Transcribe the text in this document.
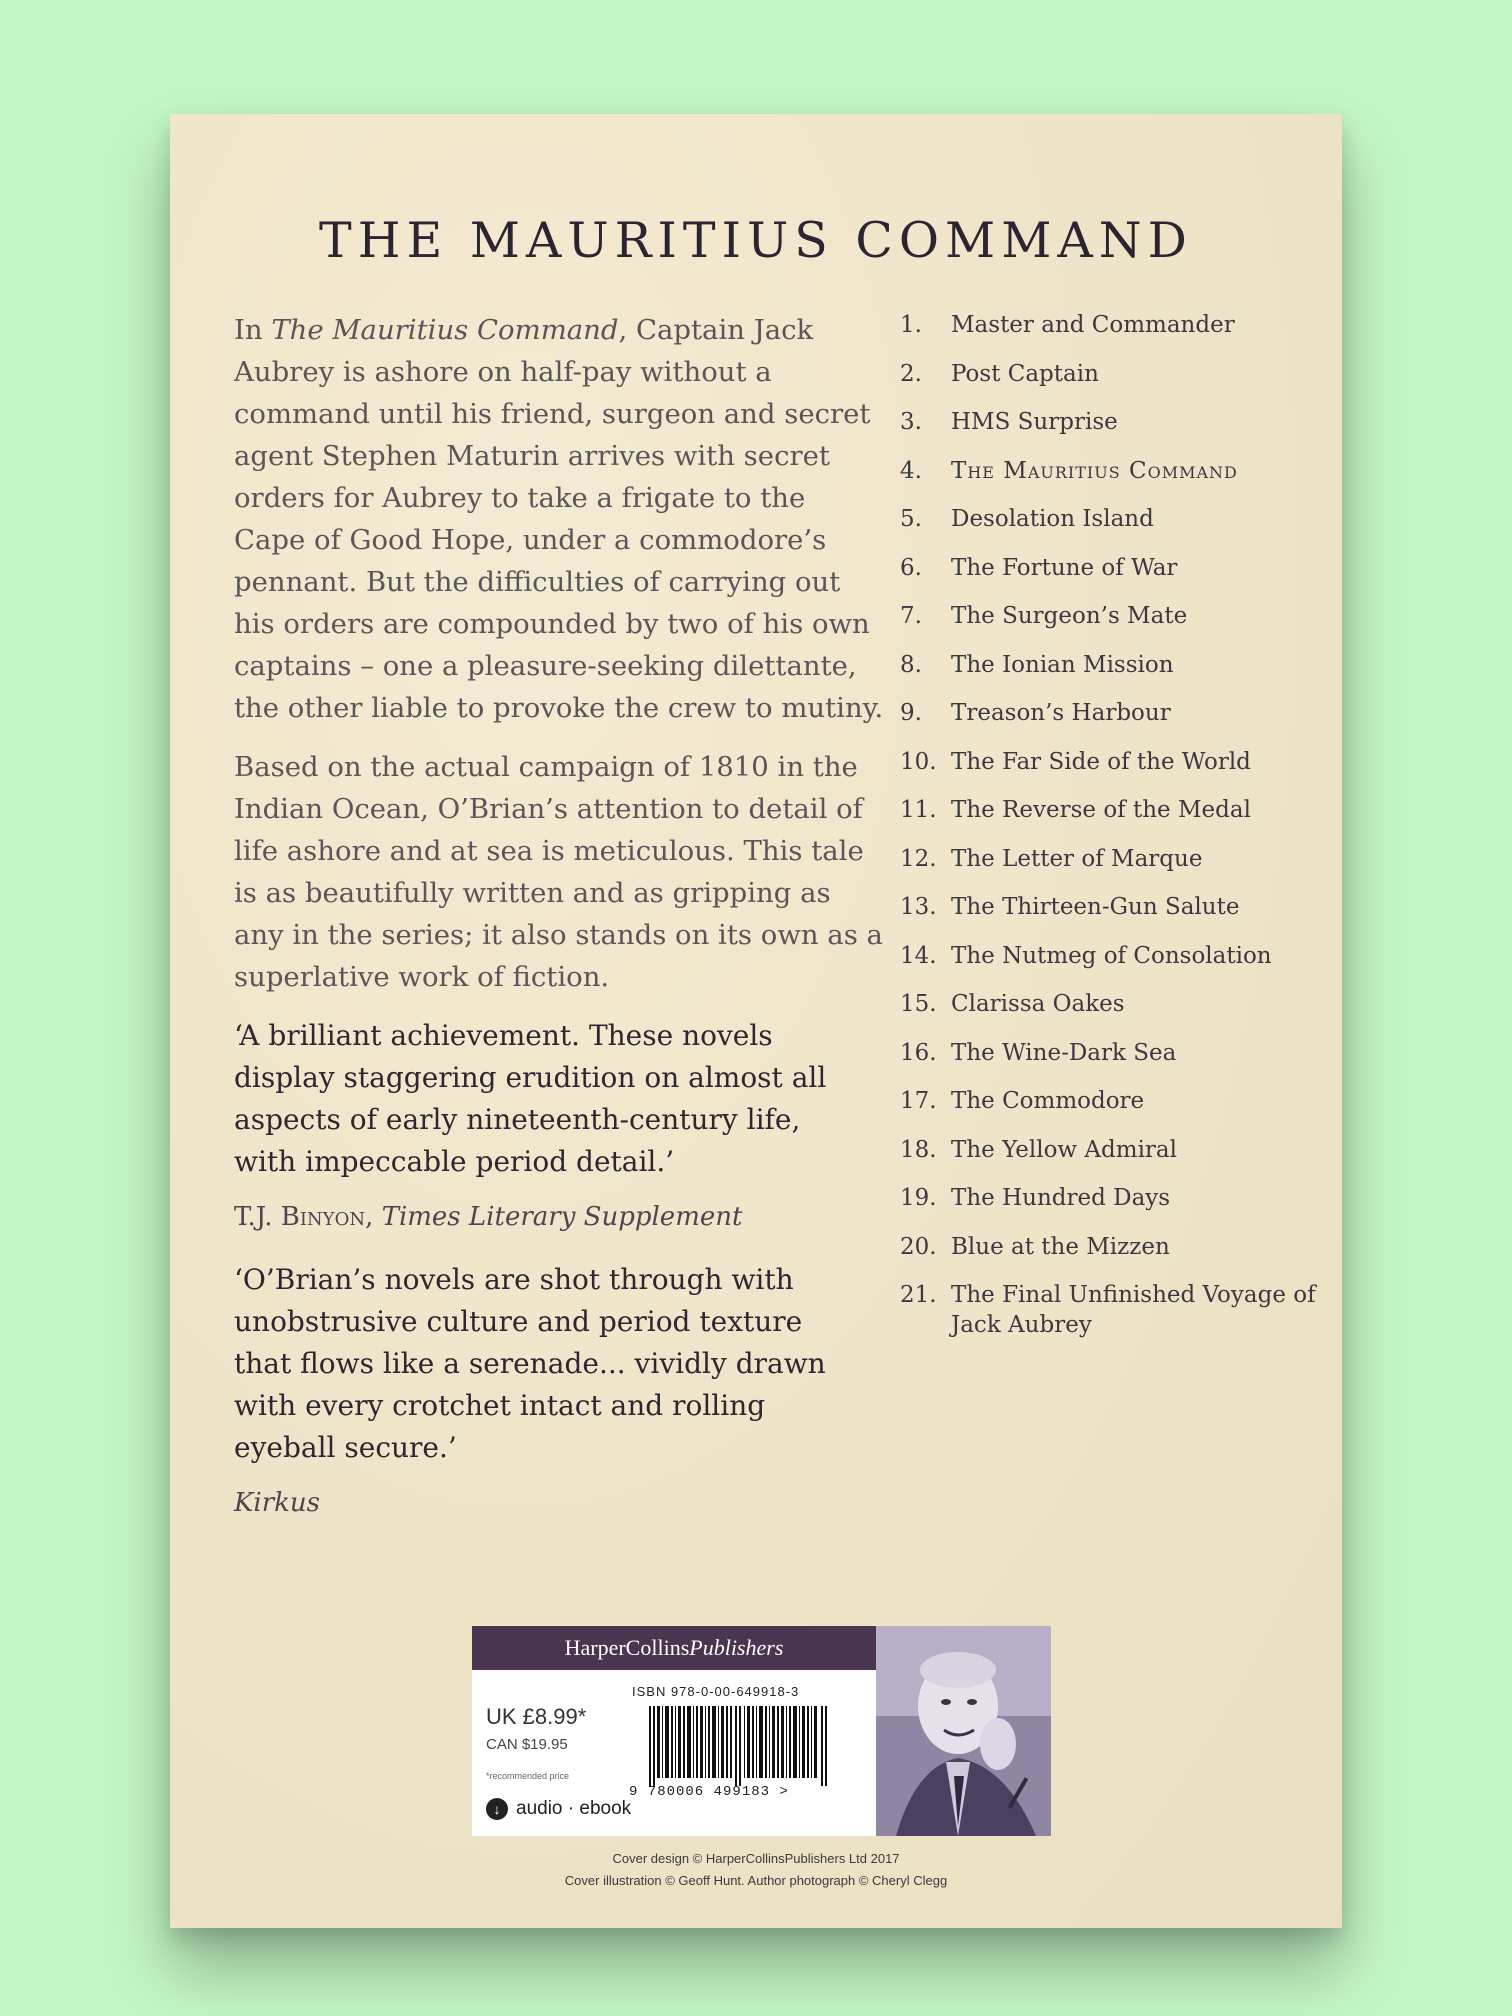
THE MAURITIUS COMMAND

In The Mauritius Command, Captain Jack Aubrey is ashore on half-pay without a command until his friend, surgeon and secret agent Stephen Maturin arrives with secret orders for Aubrey to take a frigate to the Cape of Good Hope, under a commodore’s pennant. But the difficulties of carrying out his orders are compounded by two of his own captains – one a pleasure-seeking dilettante, the other liable to provoke the crew to mutiny.

Based on the actual campaign of 1810 in the Indian Ocean, O’Brian’s attention to detail of life ashore and at sea is meticulous. This tale is as beautifully written and as gripping as any in the series; it also stands on its own as a superlative work of fiction.

‘A brilliant achievement. These novels display staggering erudition on almost all aspects of early nineteenth-century life, with impeccable period detail.’
T.J. Binyon, Times Literary Supplement
‘O’Brian’s novels are shot through with unobstrusive culture and period texture that flows like a serenade... vividly drawn with every crotchet intact and rolling eyeball secure.’
Kirkus
1.	Master and Commander
2.	Post Captain
3.	HMS Surprise
4.	The Mauritius Command
5.	Desolation Island
6.	The Fortune of War
7.	The Surgeon’s Mate
8.	The Ionian Mission
9.	Treason’s Harbour
10. The Far Side of the World
11. The Reverse of the Medal
12. The Letter of Marque
13. The Thirteen-Gun Salute
14. The Nutmeg of Consolation
15. Clarissa Oakes
16. The Wine-Dark Sea
17. The Commodore
18. The Yellow Admiral
19. The Hundred Days
20. Blue at the Mizzen
21. The Final Unfinished Voyage of Jack Aubrey
HarperCollinsPublishers
UK £8.99*
CAN $19.95
*recommended price
↓ audio · ebook
ISBN 978-0-00-649918-3
9 780006 499183 >
Cover design © HarperCollinsPublishers Ltd 2017
Cover illustration © Geoff Hunt. Author photograph © Cheryl Clegg
